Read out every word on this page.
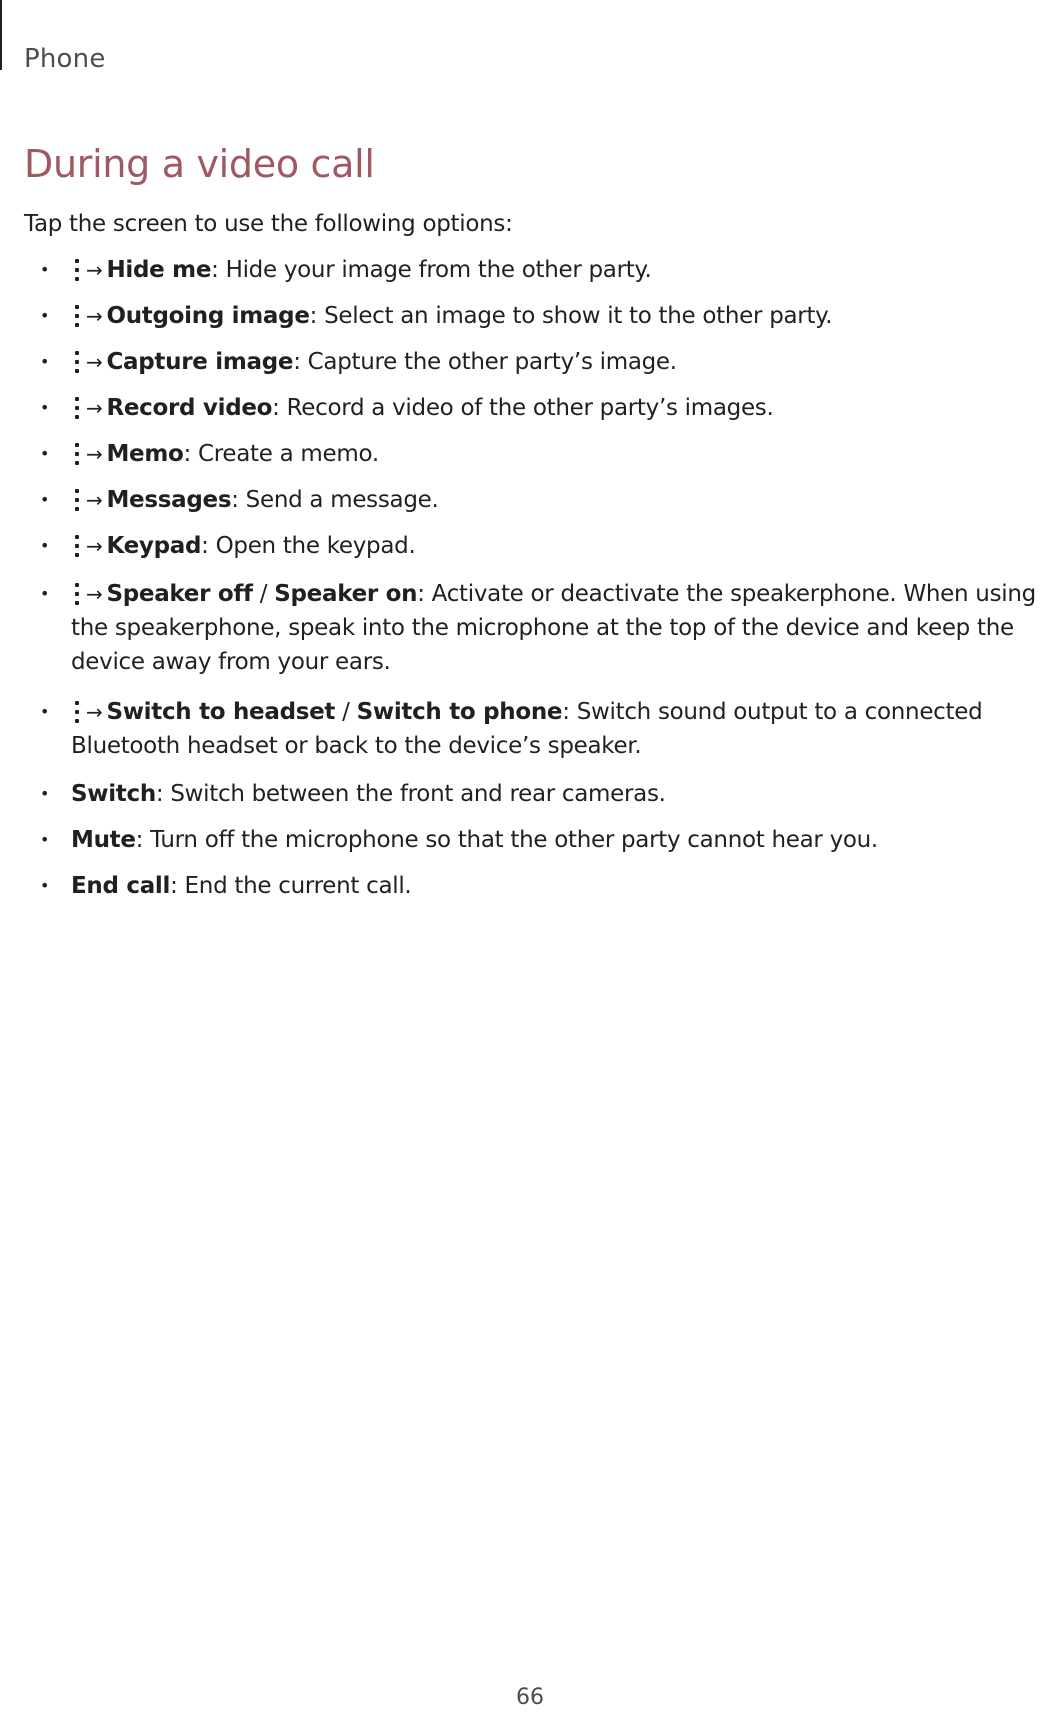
Phone
During a video call

Tap the screen to use the following options:

• → Hide me: Hide your image from the other party.
• → Outgoing image: Select an image to show it to the other party.
• → Capture image: Capture the other party’s image.
• → Record video: Record a video of the other party’s images.
• → Memo: Create a memo.
• → Messages: Send a message.
• → Keypad: Open the keypad.
• → Speaker off / Speaker on: Activate or deactivate the speakerphone. When using the speakerphone, speak into the microphone at the top of the device and keep the device away from your ears.
• → Switch to headset / Switch to phone: Switch sound output to a connected Bluetooth headset or back to the device’s speaker.
• Switch: Switch between the front and rear cameras.
• Mute: Turn off the microphone so that the other party cannot hear you.
• End call: End the current call.
66
